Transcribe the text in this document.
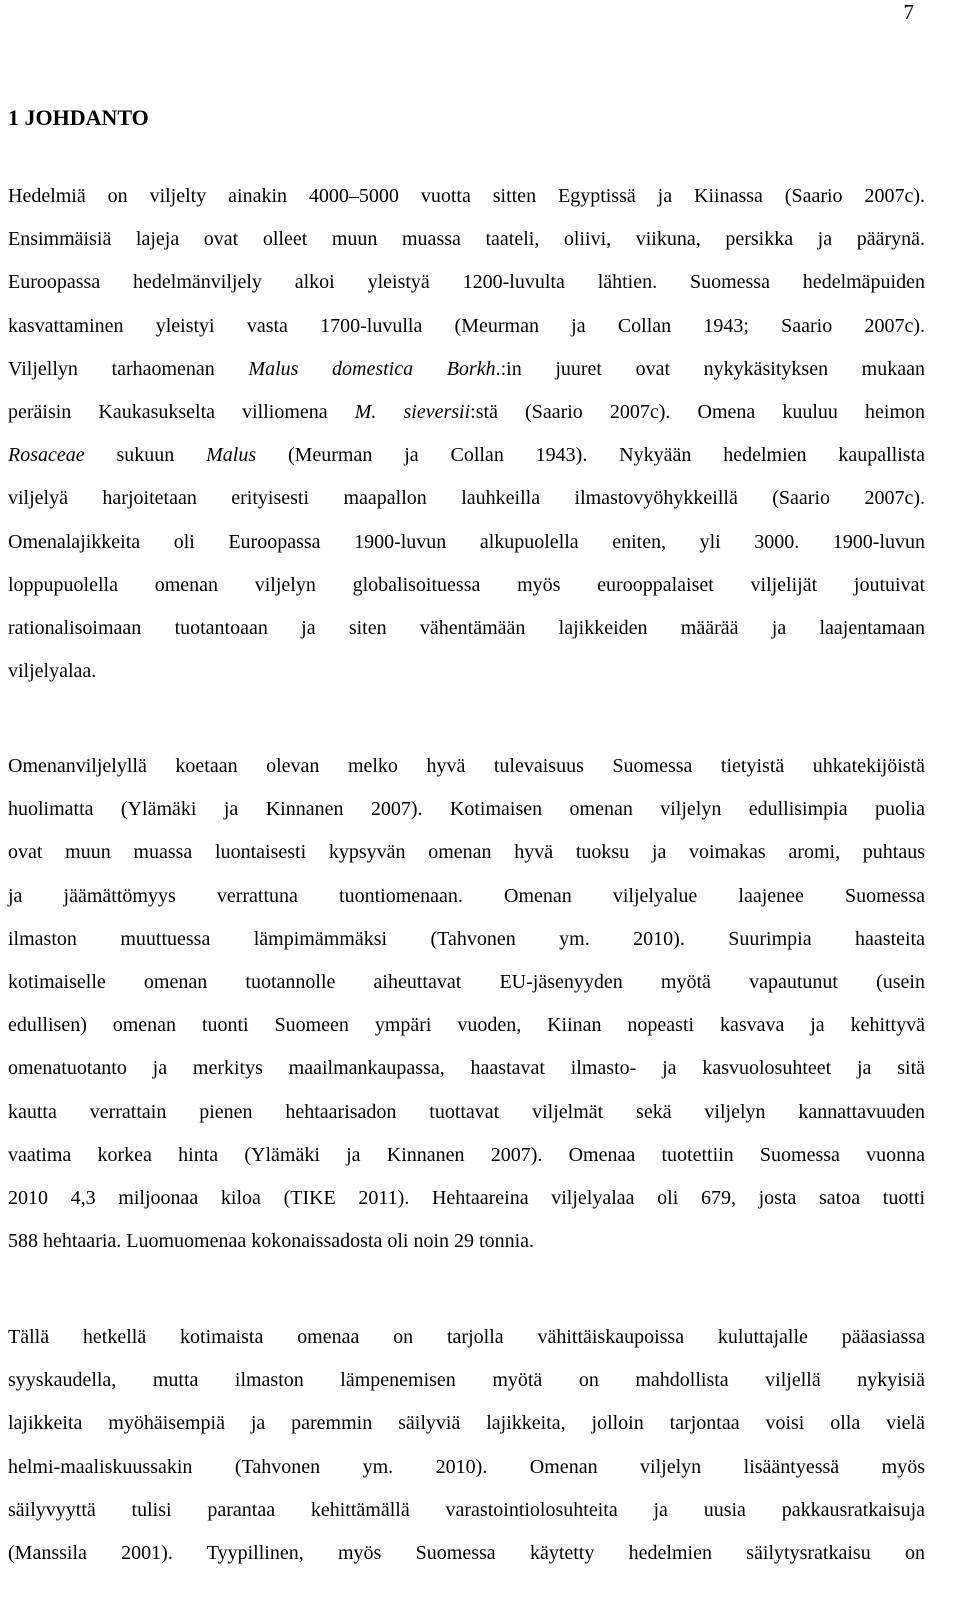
7
1 JOHDANTO
Hedelmiä on viljelty ainakin 4000–5000 vuotta sitten Egyptissä ja Kiinassa (Saario 2007c).
Ensimmäisiä lajeja ovat olleet muun muassa taateli, oliivi, viikuna, persikka ja päärynä.
Euroopassa hedelmänviljely alkoi yleistyä 1200-luvulta lähtien. Suomessa hedelmäpuiden
kasvattaminen yleistyi vasta 1700-luvulla (Meurman ja Collan 1943; Saario 2007c).
Viljellyn tarhaomenan Malus domestica Borkh.:in juuret ovat nykykäsityksen mukaan
peräisin Kaukasukselta villiomena M. sieversii:stä (Saario 2007c). Omena kuuluu heimon
Rosaceae sukuun Malus (Meurman ja Collan 1943). Nykyään hedelmien kaupallista
viljelyä harjoitetaan erityisesti maapallon lauhkeilla ilmastovyöhykkeillä (Saario 2007c).
Omenalajikkeita oli Euroopassa 1900-luvun alkupuolella eniten, yli 3000. 1900-luvun
loppupuolella omenan viljelyn globalisoituessa myös eurooppalaiset viljelijät joutuivat
rationalisoimaan tuotantoaan ja siten vähentämään lajikkeiden määrää ja laajentamaan
viljelyalaa.
Omenanviljelyllä koetaan olevan melko hyvä tulevaisuus Suomessa tietyistä uhkatekijöistä
huolimatta (Ylämäki ja Kinnanen 2007). Kotimaisen omenan viljelyn edullisimpia puolia
ovat muun muassa luontaisesti kypsyvän omenan hyvä tuoksu ja voimakas aromi, puhtaus
ja jäämättömyys verrattuna tuontiomenaan. Omenan viljelyalue laajenee Suomessa
ilmaston muuttuessa lämpimämmäksi (Tahvonen ym. 2010). Suurimpia haasteita
kotimaiselle omenan tuotannolle aiheuttavat EU-jäsenyyden myötä vapautunut (usein
edullisen) omenan tuonti Suomeen ympäri vuoden, Kiinan nopeasti kasvava ja kehittyvä
omenatuotanto ja merkitys maailmankaupassa, haastavat ilmasto- ja kasvuolosuhteet ja sitä
kautta verrattain pienen hehtaarisadon tuottavat viljelmät sekä viljelyn kannattavuuden
vaatima korkea hinta (Ylämäki ja Kinnanen 2007). Omenaa tuotettiin Suomessa vuonna
2010 4,3 miljoonaa kiloa (TIKE 2011). Hehtaareina viljelyalaa oli 679, josta satoa tuotti
588 hehtaaria. Luomuomenaa kokonaissadosta oli noin 29 tonnia.
Tällä hetkellä kotimaista omenaa on tarjolla vähittäiskaupoissa kuluttajalle pääasiassa
syyskaudella, mutta ilmaston lämpenemisen myötä on mahdollista viljellä nykyisiä
lajikkeita myöhäisempiä ja paremmin säilyviä lajikkeita, jolloin tarjontaa voisi olla vielä
helmi-maaliskuussakin (Tahvonen ym. 2010). Omenan viljelyn lisääntyessä myös
säilyvyyttä tulisi parantaa kehittämällä varastointiolosuhteita ja uusia pakkausratkaisuja
(Manssila 2001). Tyypillinen, myös Suomessa käytetty hedelmien säilytysratkaisu on
